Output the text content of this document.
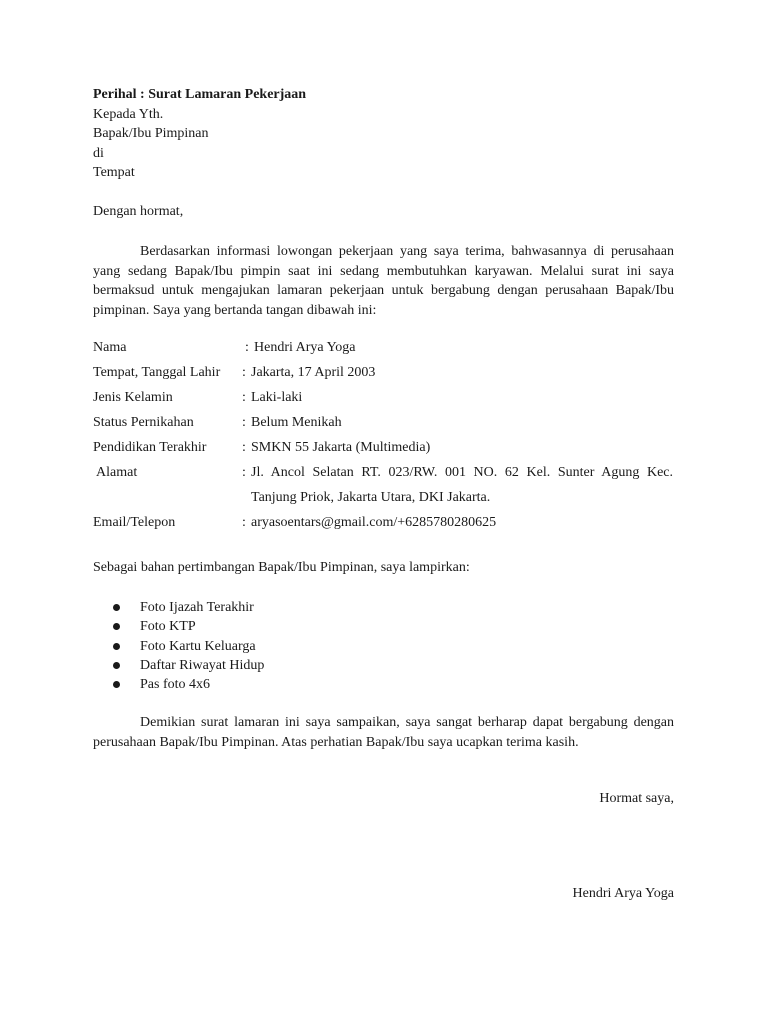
Perihal : Surat Lamaran Pekerjaan
Kepada Yth.
Bapak/Ibu Pimpinan
di
Tempat
Dengan hormat,
Berdasarkan informasi lowongan pekerjaan yang saya terima, bahwasannya di perusahaan yang sedang Bapak/Ibu pimpin saat ini sedang membutuhkan karyawan. Melalui surat ini saya bermaksud untuk mengajukan lamaran pekerjaan untuk bergabung dengan perusahaan Bapak/Ibu pimpinan. Saya yang bertanda tangan dibawah ini:
Nama	: Hendri Arya Yoga
Tempat, Tanggal Lahir : Jakarta, 17 April 2003
Jenis Kelamin	: Laki-laki
Status Pernikahan	: Belum Menikah
Pendidikan Terakhir	: SMKN 55 Jakarta (Multimedia)
Alamat	: Jl. Ancol Selatan RT. 023/RW. 001 NO. 62 Kel. Sunter Agung Kec. Tanjung Priok, Jakarta Utara, DKI Jakarta.
Email/Telepon	: aryasoentars@gmail.com/+6285780280625
Sebagai bahan pertimbangan Bapak/Ibu Pimpinan, saya lampirkan:
Foto Ijazah Terakhir
Foto KTP
Foto Kartu Keluarga
Daftar Riwayat Hidup
Pas foto 4x6
Demikian surat lamaran ini saya sampaikan, saya sangat berharap dapat bergabung dengan perusahaan Bapak/Ibu Pimpinan. Atas perhatian Bapak/Ibu saya ucapkan terima kasih.
Hormat saya,
Hendri Arya Yoga
